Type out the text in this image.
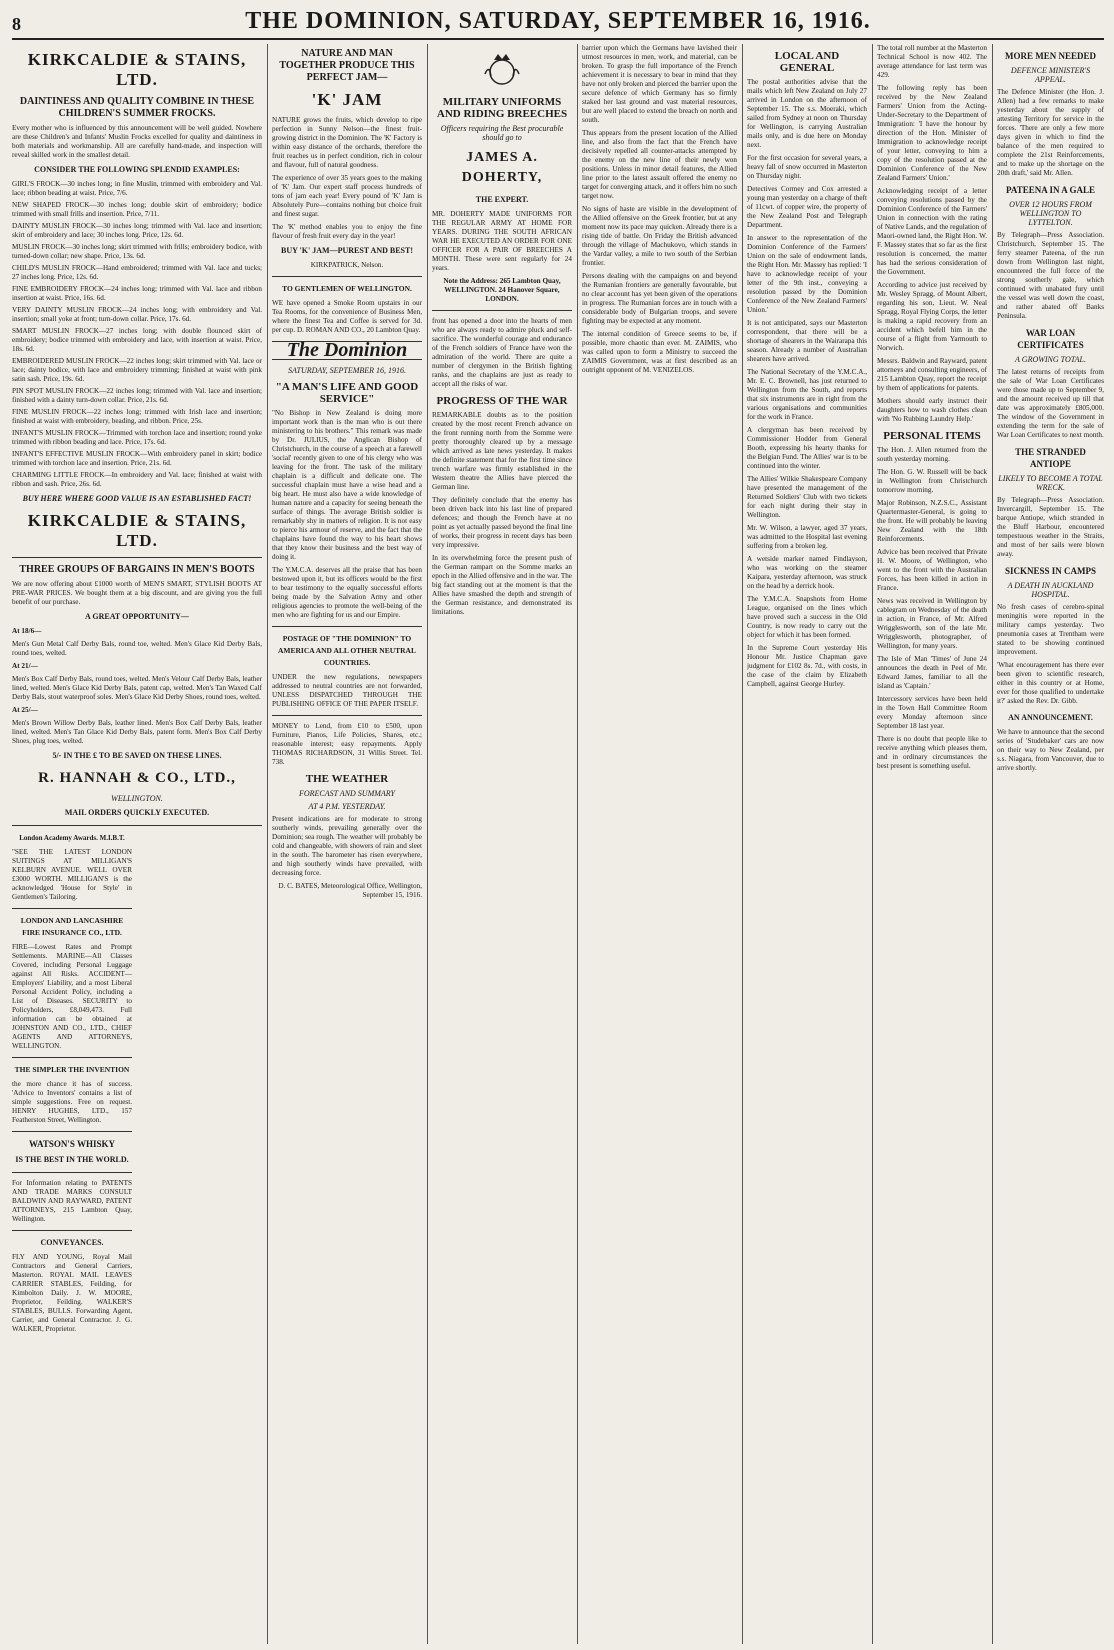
8	THE DOMINION, SATURDAY, SEPTEMBER 16, 1916.
KIRKCALDIE & STAINS, LTD.
DAINTINESS AND QUALITY COMBINE IN THESE CHILDREN'S SUMMER FROCKS.

Every mother who is influenced by this announcement will be well guided. Nowhere are these Children's and Infants' Muslin Frocks excelled for quality and daintiness in both materials and workmanship. All are carefully hand-made, and inspection will reveal skilled work in the smallest detail.

CONSIDER THE FOLLOWING SPLENDID EXAMPLES:

GIRL'S FROCK—30 inches long; in fine Muslin, trimmed with embroidery and Val. lace; ribbon beading at waist. Price, 7/6.

NEW SHAPED FROCK—30 inches long; double skirt of embroidery; bodice trimmed with small frills and insertion. Price, 7/11.

DAINTY MUSLIN FROCK—30 inches long; trimmed with Val. lace and insertion; skirt of embroidery and lace; 30 inches long. Price, 12s. 6d.

MUSLIN FROCK—30 inches long; skirt trimmed with frills; embroidery bodice, with turned-down collar; new shape. Price, 13s. 6d.

CHILD'S MUSLIN FROCK—Hand embroidered; trimmed with Val. lace and tucks; 27 inches long. Price, 12s. 6d.

FINE EMBROIDERY FROCK—24 inches long; trimmed with Val. lace and ribbon insertion at waist. Price, 16s. 6d.

VERY DAINTY MUSLIN FROCK—24 inches long; with embroidery and Val. insertion; small yoke at front; turn-down collar. Price, 17s. 6d.

SMART MUSLIN FROCK—27 inches long; with double flounced skirt of embroidery; bodice trimmed with embroidery and lace, with insertion at waist. Price, 18s. 6d.

EMBROIDERED MUSLIN FROCK—22 inches long; skirt trimmed with Val. lace or lace; dainty bodice, with lace and embroidery trimming; finished at waist with pink satin sash. Price, 19s. 6d.

PIN SPOT MUSLIN FROCK—22 inches long; trimmed with Val. lace and insertion; finished with a dainty turn-down collar. Price, 21s. 6d.

FINE MUSLIN FROCK—22 inches long; trimmed with Irish lace and insertion; finished at waist with embroidery, beading, and ribbon. Price, 25s.

INFANT'S MUSLIN FROCK—Trimmed with torchon lace and insertion; round yoke trimmed with ribbon beading and lace. Price, 17s. 6d.

INFANT'S EFFECTIVE MUSLIN FROCK—With embroidery panel in skirt; bodice trimmed with torchon lace and insertion. Price, 21s. 6d.

CHARMING LITTLE FROCK—In embroidery and Val. lace; finished at waist with ribbon and sash. Price, 26s. 6d.

BUY HERE WHERE GOOD VALUE IS AN ESTABLISHED FACT!
KIRKCALDIE & STAINS, LTD.
THREE GROUPS OF BARGAINS IN MEN'S BOOTS

We are now offering about £1000 worth of MEN'S SMART, STYLISH BOOTS AT PRE-WAR PRICES. We bought them at a big discount, and are giving you the full benefit of our purchase.

A GREAT OPPORTUNITY—

At 18/6—

Men's Gun Metal Calf Derby Bals, round toe, welted. Men's Glace Kid Derby Bals, round toes, welted.

At 21/—

Men's Box Calf Derby Bals, round toes, welted. Men's Velour Calf Derby Bals, leather lined, welted. Men's Glace Kid Derby Bals, patent cap, welted. Men's Tan Waxed Calf Derby Bals, stout waterproof soles. Men's Glace Kid Derby Shoes, round toes, welted.

At 25/—

Men's Brown Willow Derby Bals, leather lined. Men's Box Calf Derby Bals, leather lined, welted. Men's Tan Glace Kid Derby Bals, patent form. Men's Box Calf Derby Shoes, plug toes, welted.

5/- IN THE £ TO BE SAVED ON THESE LINES.
R. HANNAH & CO., LTD.,
WELLINGTON.
MAIL ORDERS QUICKLY EXECUTED.

London Academy Awards. M.I.B.T.

"SEE THE LATEST LONDON SUITINGS AT MILLIGAN'S KELBURN AVENUE. WELL OVER £3000 WORTH. MILLIGAN'S is the acknowledged 'House for Style' in Gentlemen's Tailoring.

LONDON AND LANCASHIRE FIRE INSURANCE CO., LTD.

FIRE—Lowest Rates and Prompt Settlements. MARINE—All Classes Covered, including Personal Luggage against All Risks. ACCIDENT—Employers' Liability, and a most Liberal Personal Accident Policy, including a List of Diseases. SECURITY to Policyholders, £8,049,473. Full information can be obtained at JOHNSTON AND CO., LTD., CHIEF AGENTS AND ATTORNEYS, WELLINGTON.

THE SIMPLER THE INVENTION

the more chance it has of success. 'Advice to Inventors' contains a list of simple suggestions. Free on request. HENRY HUGHES, LTD., 157 Featherston Street, Wellington.

WATSON'S WHISKY

IS THE BEST IN THE WORLD.

For Information relating to PATENTS AND TRADE MARKS CONSULT BALDWIN AND RAYWARD, PATENT ATTORNEYS, 215 Lambton Quay, Wellington.

CONVEYANCES.

FLY AND YOUNG, Royal Mail Contractors and General Carriers, Masterton. ROYAL MAIL LEAVES CARRIER STABLES, Feilding, for Kimbolton Daily. J. W. MOORE, Proprietor, Feilding. WALKER'S STABLES, BULLS. Forwarding Agent, Carrier, and General Contractor. J. G. WALKER, Proprietor.

NATURE AND MAN TOGETHER PRODUCE THIS PERFECT JAM—
'K' JAM

NATURE grows the fruits, which develop to ripe perfection in Sunny Nelson—the finest fruit-growing district in the Dominion. The 'K' Factory is within easy distance of the orchards, therefore the fruit reaches us in perfect condition, rich in colour and flavour, full of natural goodness.

The experience of over 35 years goes to the making of 'K' Jam. Our expert staff process hundreds of tons of jam each year! Every pound of 'K' Jam is Absolutely Pure—contains nothing but choice fruit and finest sugar.

The 'K' method enables you to enjoy the fine flavour of fresh fruit every day in the year!

BUY 'K' JAM—PUREST AND BEST!

KIRKPATRICK, Nelson.

TO GENTLEMEN OF WELLINGTON.

WE have opened a Smoke Room upstairs in our Tea Rooms, for the convenience of Business Men, where the finest Tea and Coffee is served for 3d. per cup. D. ROMAN AND CO., 20 Lambton Quay.

The Dominion
SATURDAY, SEPTEMBER 16, 1916.
"A MAN'S LIFE AND GOOD SERVICE"

"No Bishop in New Zealand is doing more important work than is the man who is out there ministering to his brothers." This remark was made by Dr. JULIUS, the Anglican Bishop of Christchurch, in the course of a speech at a farewell 'social' recently given to one of his clergy who was leaving for the front. The task of the military chaplain is a difficult and delicate one. The successful chaplain must have a wise head and a big heart. He must also have a wide knowledge of human nature and a capacity for seeing beneath the surface of things. The average British soldier is remarkably shy in matters of religion. It is not easy to pierce his armour of reserve, and the fact that the chaplains have found the way to his heart shows that they know their business and the best way of doing it.

The Y.M.C.A. deserves all the praise that has been bestowed upon it, but its officers would be the first to bear testimony to the equally successful efforts being made by the Salvation Army and other religious agencies to promote the well-being of the men who are fighting for us and our Empire.

POSTAGE OF "THE DOMINION" TO AMERICA AND ALL OTHER NEUTRAL COUNTRIES.

UNDER the new regulations, newspapers addressed to neutral countries are not forwarded, UNLESS DISPATCHED THROUGH THE PUBLISHING OFFICE OF THE PAPER ITSELF.

MONEY to Lend, from £10 to £500, upon Furniture, Pianos, Life Policies, Shares, etc.; reasonable interest; easy repayments. Apply THOMAS RICHARDSON, 31 Willis Street. Tel. 738.

THE WEATHER
FORECAST AND SUMMARY
AT 4 P.M. YESTERDAY.

Present indications are for moderate to strong southerly winds, prevailing generally over the Dominion; sea rough. The weather will probably be cold and changeable, with showers of rain and sleet in the south. The barometer has risen everywhere, and high southerly winds have prevailed, with decreasing force.

D. C. BATES, Meteorological Office, Wellington, September 15, 1916.

MILITARY UNIFORMS AND RIDING BREECHES
Officers requiring the Best procurable should go to
JAMES A. DOHERTY,
THE EXPERT.

MR. DOHERTY MADE UNIFORMS FOR THE REGULAR ARMY AT HOME FOR YEARS. DURING THE SOUTH AFRICAN WAR HE EXECUTED AN ORDER FOR ONE OFFICER FOR A PAIR OF BREECHES A MONTH. These were sent regularly for 24 years.

Note the Address: 265 Lambton Quay, WELLINGTON. 24 Hanover Square, LONDON.

front has opened a door into the hearts of men who are always ready to admire pluck and self-sacrifice. The wonderful courage and endurance of the French soldiers of France have won the admiration of the world. There are quite a number of clergymen in the British fighting ranks, and the chaplains are just as ready to accept all the risks of war.

PROGRESS OF THE WAR

REMARKABLE doubts as to the position created by the most recent French advance on the front running north from the Somme were pretty thoroughly cleared up by a message which arrived as late news yesterday. It makes the definite statement that for the first time since trench warfare was firmly established in the Western theatre the Allies have pierced the German line.

They definitely conclude that the enemy has been driven back into his last line of prepared defences; and though the French have at no point as yet actually passed beyond the final line of works, their progress in recent days has been very impressive.

In its overwhelming force the present push of the German rampart on the Somme marks an epoch in the Allied offensive and in the war. The big fact standing out at the moment is that the Allies have smashed the depth and strength of the German resistance, and demonstrated its limitations.

barrier upon which the Germans have lavished their utmost resources in men, work, and material, can be broken. To grasp the full importance of the French achievement it is necessary to bear in mind that they have not only broken and pierced the barrier upon the secure defence of which Germany has so firmly staked her last ground and vast material resources, but are well placed to extend the breach on north and south.

Thus appears from the present location of the Allied line, and also from the fact that the French have decisively repelled all counter-attacks attempted by the enemy on the new line of their newly won positions. Unless in minor detail features, the Allied line prior to the latest assault offered the enemy no target for converging attack, and it offers him no such target now.

No signs of haste are visible in the development of the Allied offensive on the Greek frontier, but at any moment now its pace may quicken. Already there is a rising tide of battle. On Friday the British advanced through the village of Machukovo, which stands in the Vardar valley, a mile to two south of the Serbian frontier.

Persons dealing with the campaigns on and beyond the Rumanian frontiers are generally favourable, but no clear account has yet been given of the operations in progress. The Rumanian forces are in touch with a considerable body of Bulgarian troops, and severe fighting may be expected at any moment.

The internal condition of Greece seems to be, if possible, more chaotic than ever. M. ZAIMIS, who was called upon to form a Ministry to succeed the ZAIMIS Government, was at first described as an outright opponent of M. VENIZELOS.

LOCAL AND GENERAL

The postal authorities advise that the mails which left New Zealand on July 27 arrived in London on the afternoon of September 15. The s.s. Moeraki, which sailed from Sydney at noon on Thursday for Wellington, is carrying Australian mails only, and is due here on Monday next.

For the first occasion for several years, a heavy fall of snow occurred in Masterton on Thursday night.

Detectives Cormey and Cox arrested a young man yesterday on a charge of theft of 11cwt. of copper wire, the property of the New Zealand Post and Telegraph Department.

In answer to the representation of the Dominion Conference of the Farmers' Union on the sale of endowment lands, the Right Hon. Mr. Massey has replied: 'I have to acknowledge receipt of your letter of the 9th inst., conveying a resolution passed by the Dominion Conference of the New Zealand Farmers' Union.'

It is not anticipated, says our Masterton correspondent, that there will be a shortage of shearers in the Wairarapa this season. Already a number of Australian shearers have arrived.

The National Secretary of the Y.M.C.A., Mr. E. C. Brownell, has just returned to Wellington from the South, and reports that six instruments are in right from the various organisations and communities for the work in France.

A clergyman has been received by Commissioner Hodder from General Booth, expressing his hearty thanks for the Belgian Fund. The Allies' war is to be continued into the winter.

The Allies' Wilkie Shakespeare Company have presented the management of the Returned Soldiers' Club with two tickets for each night during their stay in Wellington.

Mr. W. Wilson, a lawyer, aged 37 years, was admitted to the Hospital last evening suffering from a broken leg.

A wetside marker named Findlayson, who was working on the steamer Kaipara, yesterday afternoon, was struck on the head by a derrick hook.

The Y.M.C.A. Snapshots from Home League, organised on the lines which have proved such a success in the Old Country, is now ready to carry out the object for which it has been formed.

In the Supreme Court yesterday His Honour Mr. Justice Chapman gave judgment for £102 8s. 7d., with costs, in the case of the claim by Elizabeth Campbell, against George Hurley.

The total roll number at the Masterton Technical School is now 402. The average attendance for last term was 429.

The following reply has been received by the New Zealand Farmers' Union from the Acting-Under-Secretary to the Department of Immigration: 'I have the honour by direction of the Hon. Minister of Immigration to acknowledge receipt of your letter, conveying to him a copy of the resolution passed at the Dominion Conference of the New Zealand Farmers' Union.'

Acknowledging receipt of a letter conveying resolutions passed by the Dominion Conference of the Farmers' Union in connection with the rating of Native Lands, and the regulation of Maori-owned land, the Right Hon. W. F. Massey states that so far as the first resolution is concerned, the matter has had the serious consideration of the Government.

According to advice just received by Mr. Wesley Spragg, of Mount Albert, regarding his son, Lieut. W. Neal Spragg, Royal Flying Corps, the letter is making a rapid recovery from an accident which befell him in the course of a flight from Yarmouth to Norwich.

Messrs. Baldwin and Rayward, patent attorneys and consulting engineers, of 215 Lambton Quay, report the receipt by them of applications for patents.

Mothers should early instruct their daughters how to wash clothes clean with 'No Rubbing Laundry Help.'

PERSONAL ITEMS

The Hon. J. Allen returned from the south yesterday morning.

The Hon. G. W. Russell will be back in Wellington from Christchurch tomorrow morning.

Major Robinson, N.Z.S.C., Assistant Quartermaster-General, is going to the front. He will probably be leaving New Zealand with the 18th Reinforcements.

Advice has been received that Private H. W. Moore, of Wellington, who went to the front with the Australian Forces, has been killed in action in France.

News was received in Wellington by cablegram on Wednesday of the death in action, in France, of Mr. Alfred Wrigglesworth, son of the late Mr. Wrigglesworth, photographer, of Wellington, for many years.

The Isle of Man 'Times' of June 24 announces the death in Peel of Mr. Edward James, familiar to all the island as 'Captain.'

Intercessory services have been held in the Town Hall Committee Room every Monday afternoon since September 18 last year.

There is no doubt that people like to receive anything which pleases them, and in ordinary circumstances the best present is something useful.

MORE MEN NEEDED
DEFENCE MINISTER'S APPEAL.

The Defence Minister (the Hon. J. Allen) had a few remarks to make yesterday about the supply of attesting Territory for service in the forces. 'There are only a few more days given in which to find the balance of the men required to complete the 21st Reinforcements, and to make up the shortage on the 20th draft,' said Mr. Allen.

PATEENA IN A GALE
OVER 12 HOURS FROM WELLINGTON TO LYTTELTON.

By Telegraph—Press Association. Christchurch, September 15. The ferry steamer Pateena, of the run down from Wellington last night, encountered the full force of the strong southerly gale, which continued with unabated fury until the vessel was well down the coast, and rather abated off Banks Peninsula.

WAR LOAN CERTIFICATES
A GROWING TOTAL.

The latest returns of receipts from the sale of War Loan Certificates were those made up to September 9, and the amount received up till that date was approximately £805,000. The window of the Government in extending the term for the sale of War Loan Certificates to next month.

THE STRANDED ANTIOPE
LIKELY TO BECOME A TOTAL WRECK.

By Telegraph—Press Association. Invercargill, September 15. The barque Antiope, which stranded in the Bluff Harbour, encountered tempestuous weather in the Straits, and most of her sails were blown away.

SICKNESS IN CAMPS
A DEATH IN AUCKLAND HOSPITAL.

No fresh cases of cerebro-spinal meningitis were reported in the military camps yesterday. Two pneumonia cases at Trentham were stated to be showing continued improvement.

'What encouragement has there ever been given to scientific research, either in this country or at Home, ever for those qualified to undertake it?' asked the Rev. Dr. Gibb.

AN ANNOUNCEMENT.

We have to announce that the second series of 'Studebaker' cars are now on their way to New Zealand, per s.s. Niagara, from Vancouver, due to arrive shortly.
